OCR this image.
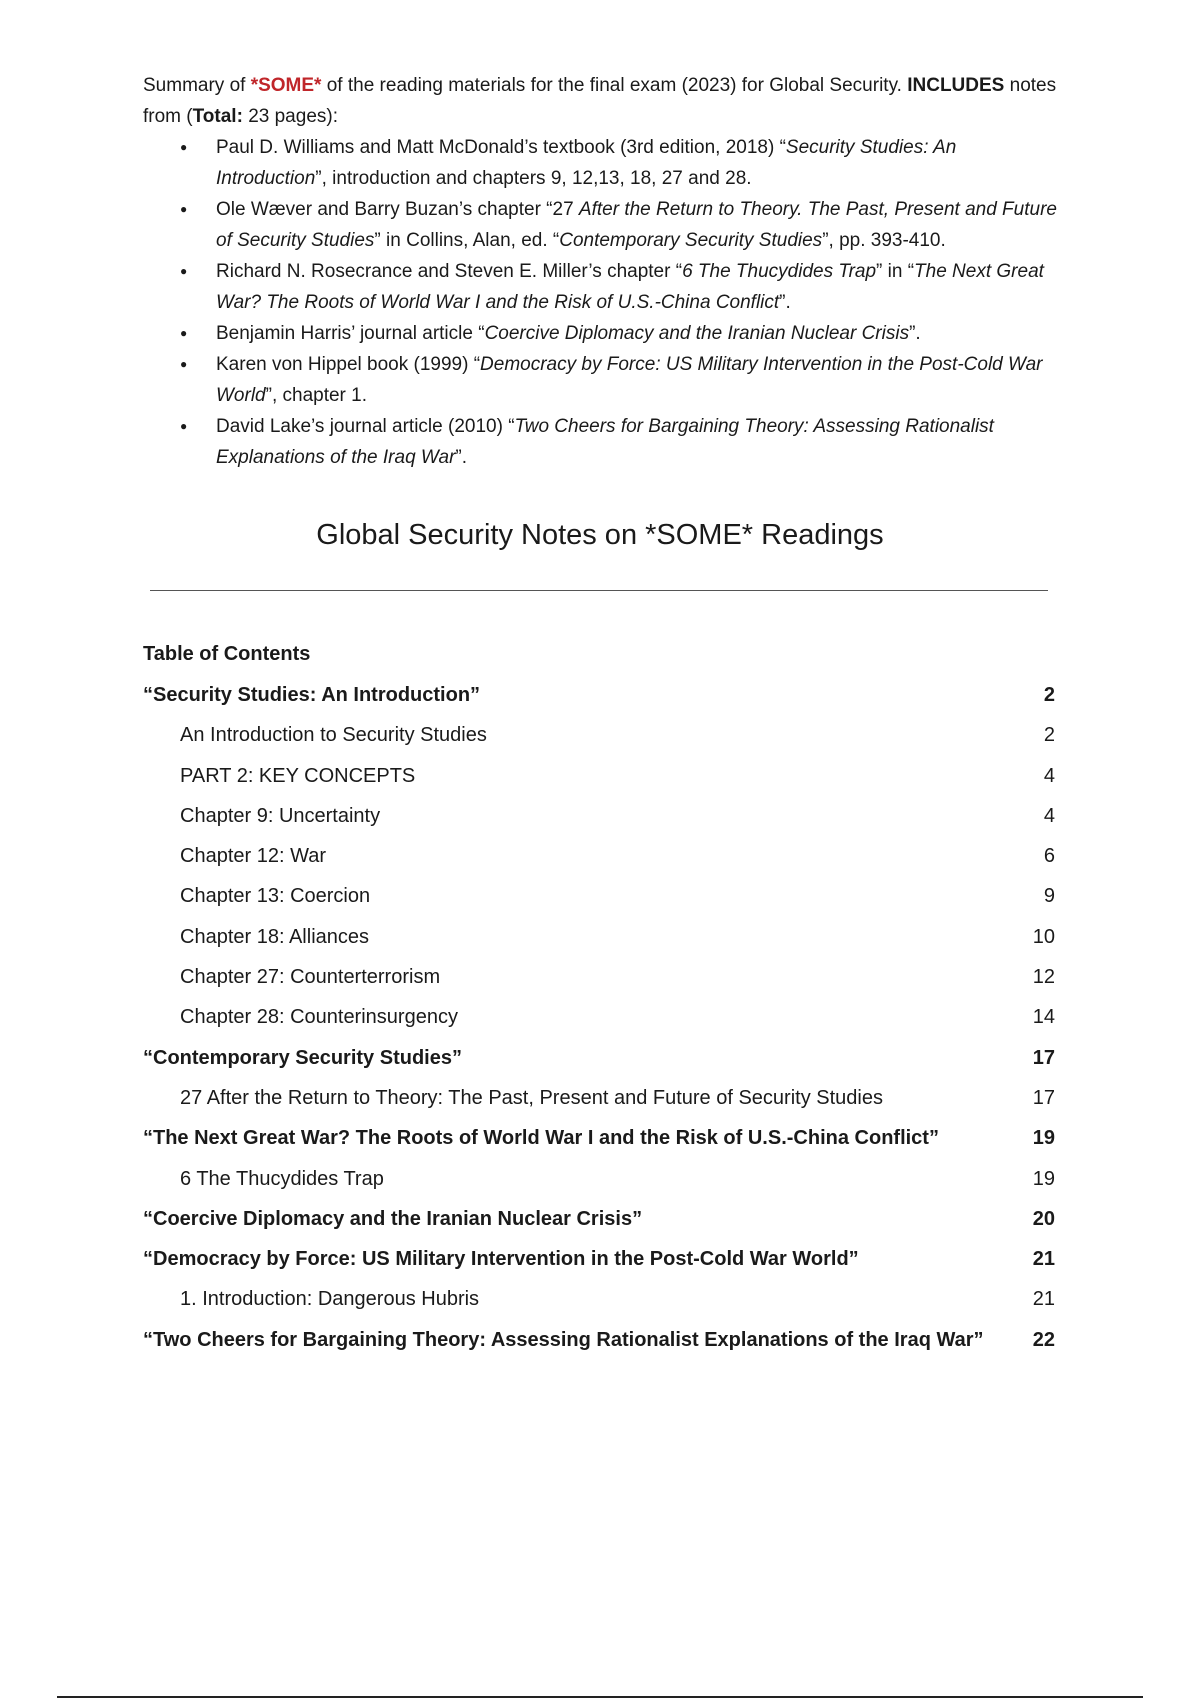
Summary of *SOME* of the reading materials for the final exam (2023) for Global Security. INCLUDES notes from (Total: 23 pages):

● Paul D. Williams and Matt McDonald’s textbook (3rd edition, 2018) “Security Studies: An Introduction”, introduction and chapters 9, 12,13, 18, 27 and 28.
● Ole Wæver and Barry Buzan’s chapter “27 After the Return to Theory. The Past, Present and Future of Security Studies” in Collins, Alan, ed. “Contemporary Security Studies”, pp. 393-410.
● Richard N. Rosecrance and Steven E. Miller’s chapter “6 The Thucydides Trap” in “The Next Great War? The Roots of World War I and the Risk of U.S.-China Conflict”.
● Benjamin Harris’ journal article “Coercive Diplomacy and the Iranian Nuclear Crisis”.
● Karen von Hippel book (1999) “Democracy by Force: US Military Intervention in the Post-Cold War World”, chapter 1.
● David Lake’s journal article (2010) “Two Cheers for Bargaining Theory: Assessing Rationalist Explanations of the Iraq War”.
Global Security Notes on *SOME* Readings
Table of Contents
“Security Studies: An Introduction”	2
An Introduction to Security Studies	2
PART 2: KEY CONCEPTS	4
Chapter 9: Uncertainty	4
Chapter 12: War	6
Chapter 13: Coercion	9
Chapter 18: Alliances	10
Chapter 27: Counterterrorism	12
Chapter 28: Counterinsurgency	14
“Contemporary Security Studies”	17
27 After the Return to Theory: The Past, Present and Future of Security Studies	17
“The Next Great War? The Roots of World War I and the Risk of U.S.-China Conflict”	19
6 The Thucydides Trap	19
“Coercive Diplomacy and the Iranian Nuclear Crisis”	20
“Democracy by Force: US Military Intervention in the Post-Cold War World”	21
1. Introduction: Dangerous Hubris	21
“Two Cheers for Bargaining Theory: Assessing Rationalist Explanations of the Iraq War” 22
